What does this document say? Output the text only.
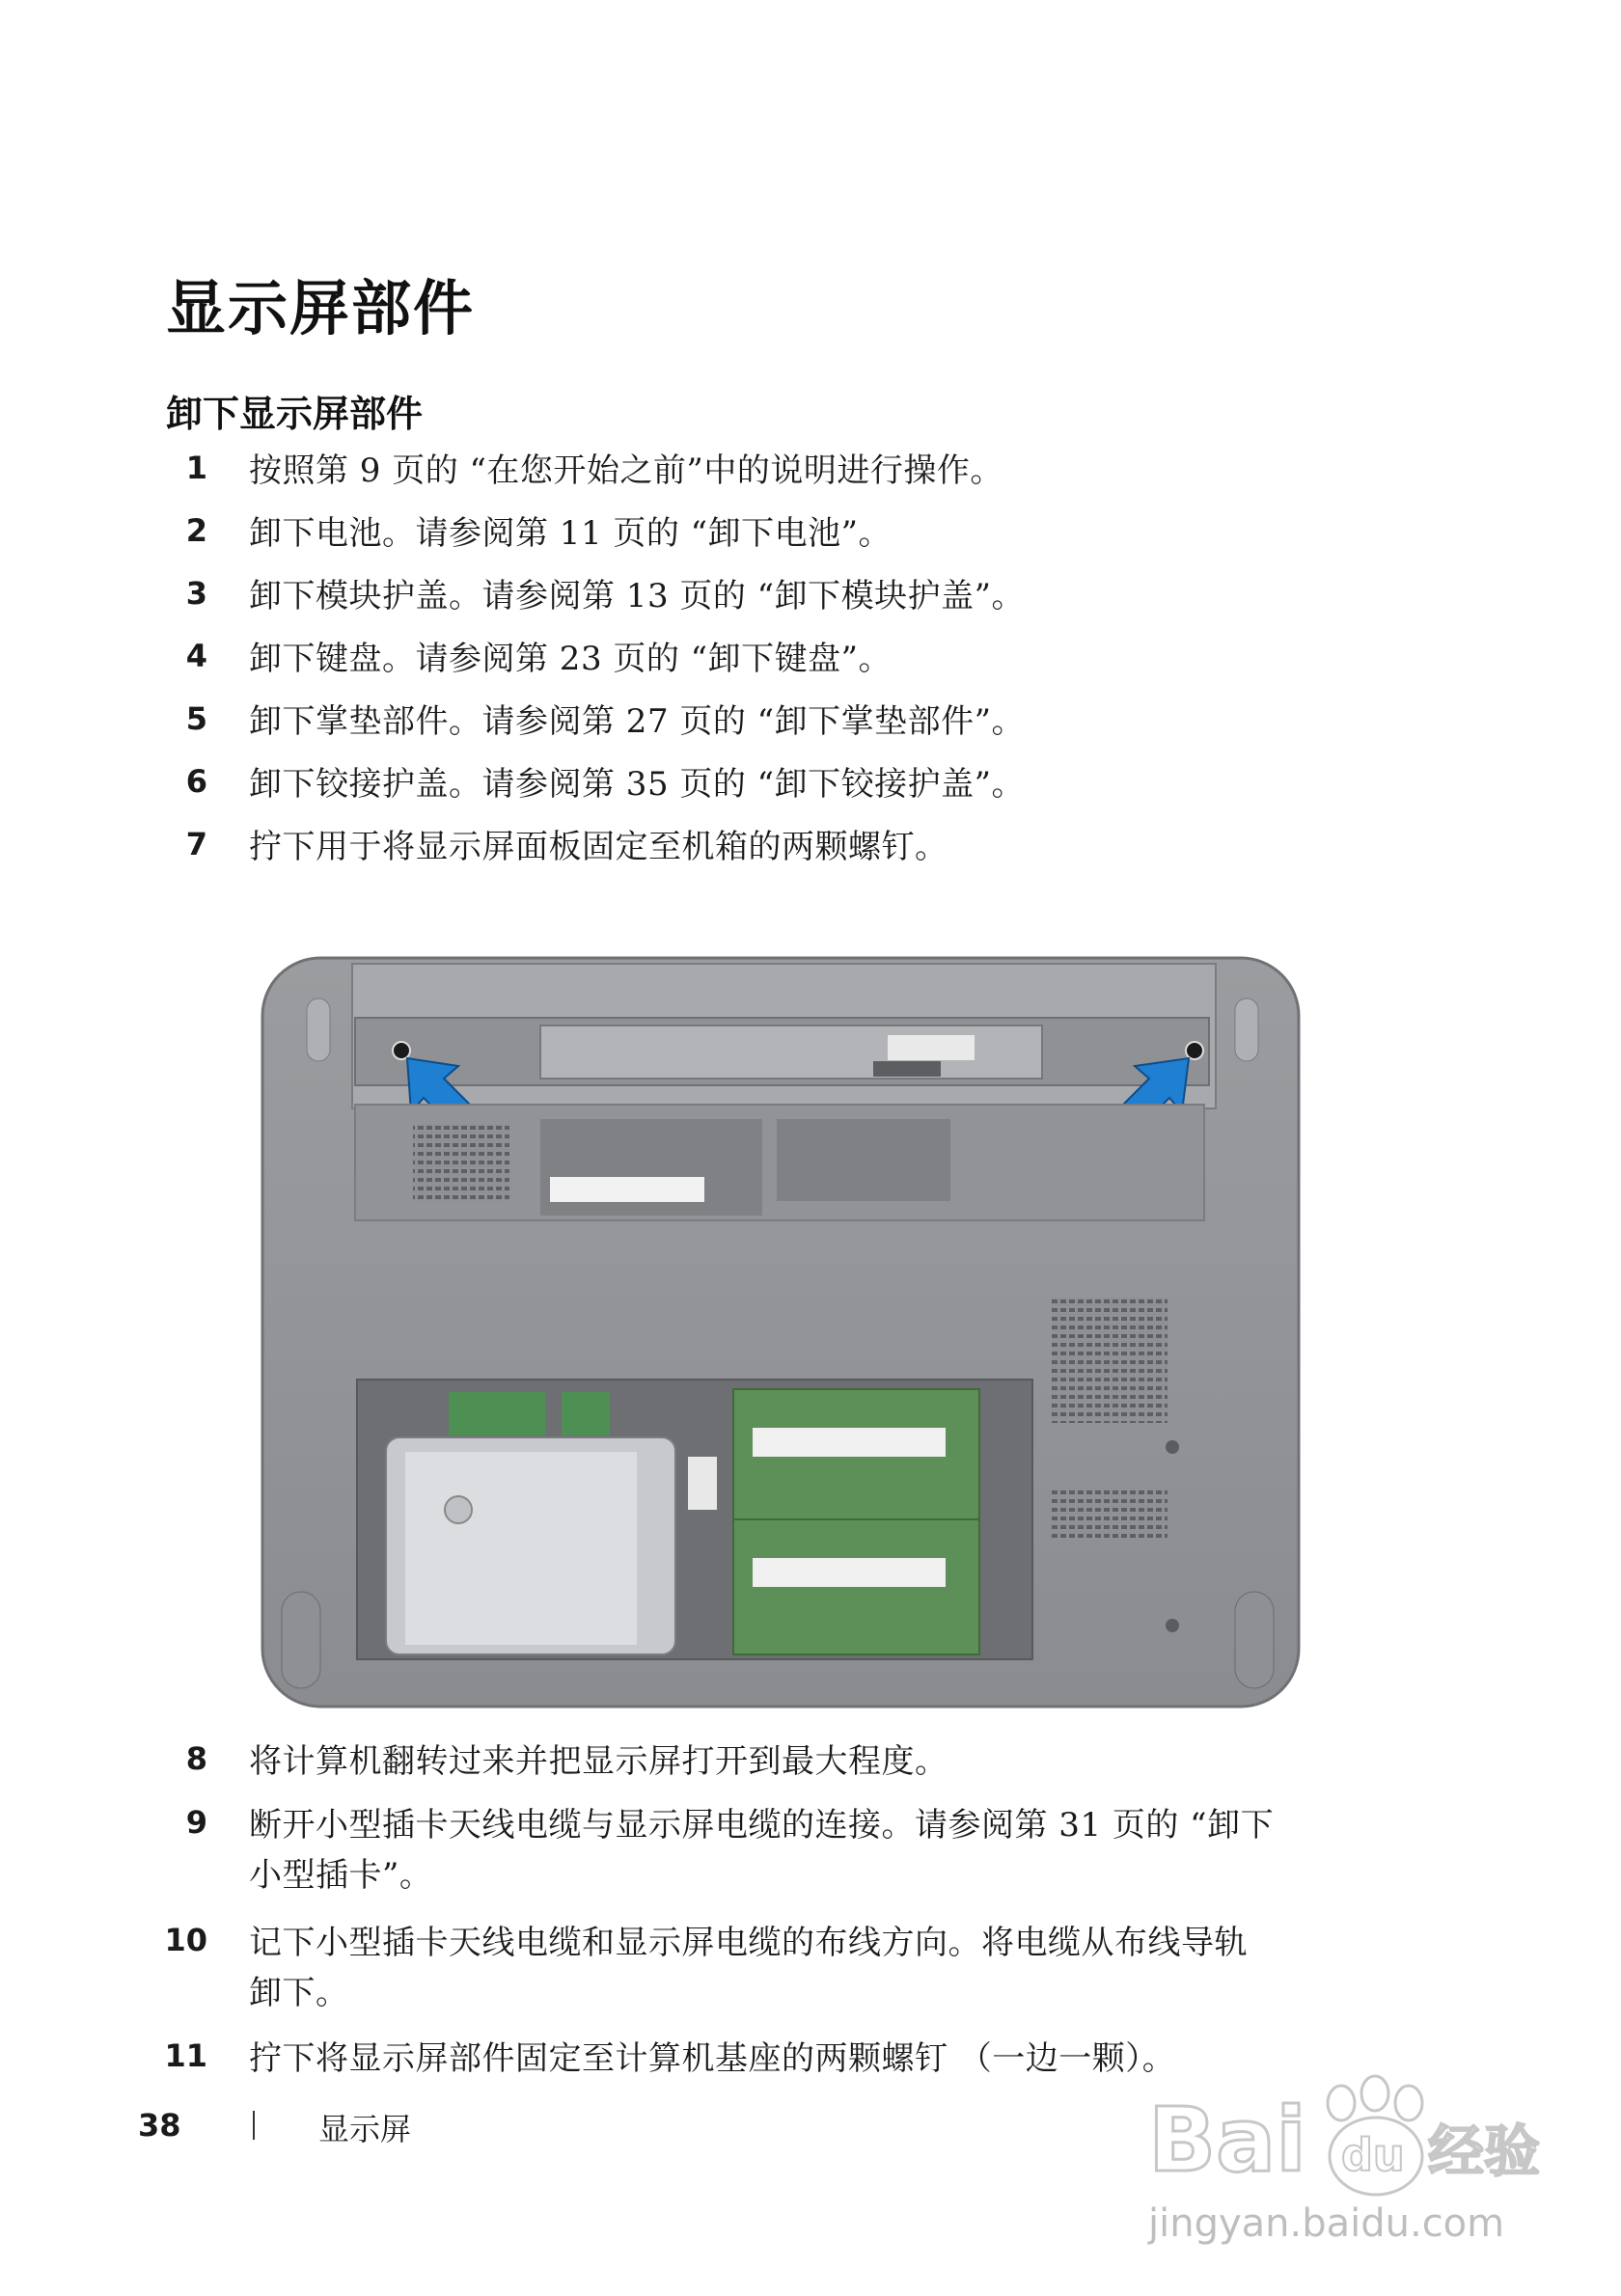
显示屏部件
卸下显示屏部件
1 按照第 9 页的 “在您开始之前”中的说明进行操作。
2 卸下电池。请参阅第 11 页的 “卸下电池”。
3 卸下模块护盖。请参阅第 13 页的 “卸下模块护盖”。
4 卸下键盘。请参阅第 23 页的 “卸下键盘”。
5 卸下掌垫部件。请参阅第 27 页的 “卸下掌垫部件”。
6 卸下铰接护盖。请参阅第 35 页的 “卸下铰接护盖”。
7 拧下用于将显示屏面板固定至机箱的两颗螺钉。
8 将计算机翻转过来并把显示屏打开到最大程度。
9 断开小型插卡天线电缆与显示屏电缆的连接。请参阅第 31 页的 “卸下
小型插卡”。
10 记下小型插卡天线电缆和显示屏电缆的布线方向。将电缆从布线导轨
卸下。
11 拧下将显示屏部件固定至计算机基座的两颗螺钉 （一边一颗）。
38	显示屏	Bai du 经验
jingyan.baidu.com
